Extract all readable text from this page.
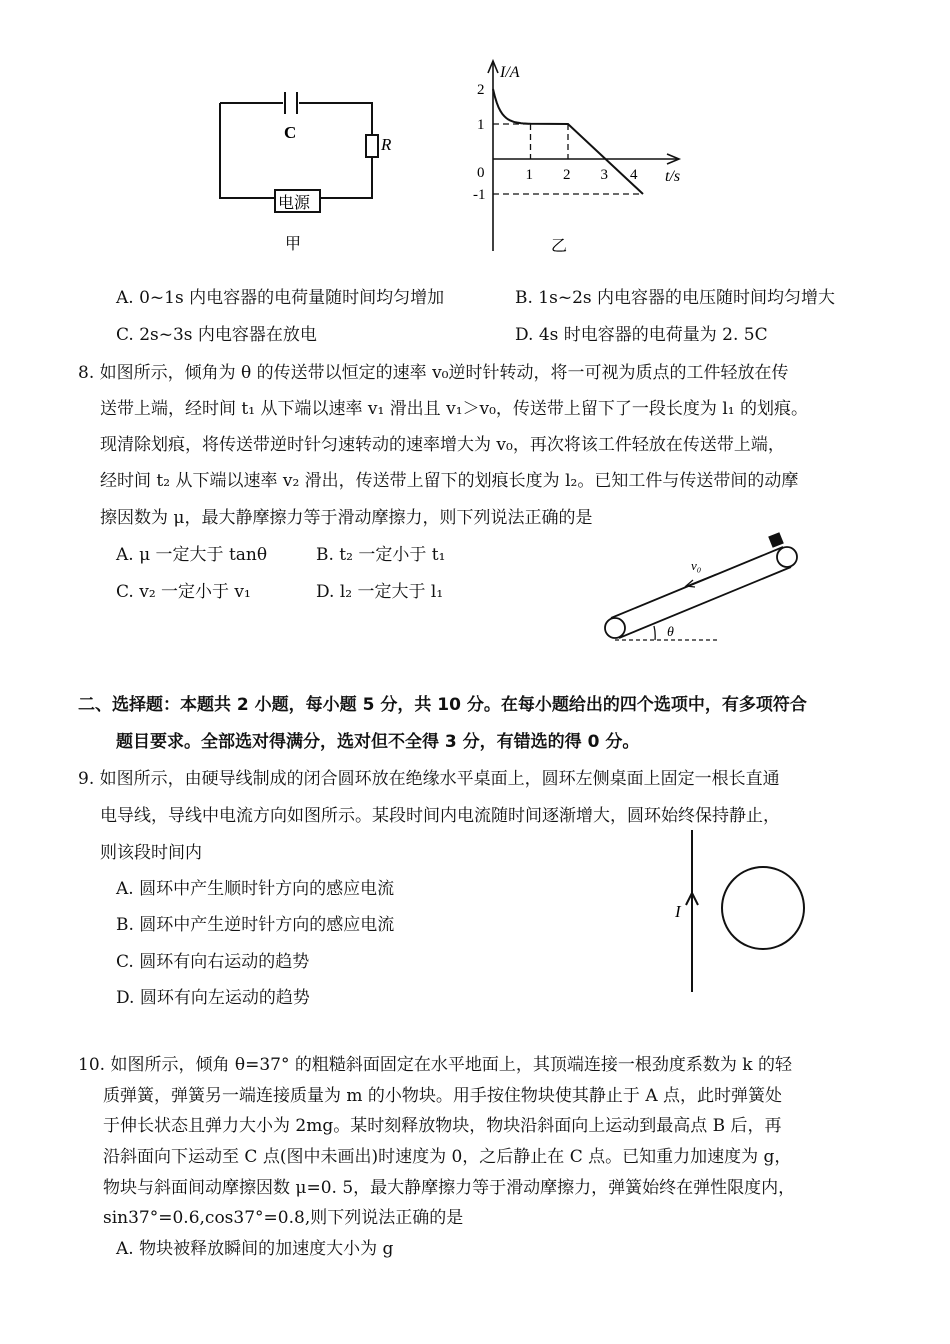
C
R
电源
甲
1 2 3 4
2
1
0
-1
I/A
t/s
乙
A. 0~1s 内电容器的电荷量随时间均匀增加	B. 1s~2s 内电容器的电压随时间均匀增大
C. 2s~3s 内电容器在放电	D. 4s 时电容器的电荷量为 2. 5C
8. 如图所示，倾角为 θ 的传送带以恒定的速率 v₀逆时针转动，将一可视为质点的工件轻放在传
送带上端，经时间 t₁ 从下端以速率 v₁ 滑出且 v₁＞v₀，传送带上留下了一段长度为 l₁ 的划痕。
现清除划痕，将传送带逆时针匀速转动的速率增大为 v₀，再次将该工件轻放在传送带上端，
经时间 t₂ 从下端以速率 v₂ 滑出，传送带上留下的划痕长度为 l₂。已知工件与传送带间的动摩
擦因数为 μ，最大静摩擦力等于滑动摩擦力，则下列说法正确的是
A. μ 一定大于 tanθ	B. t₂ 一定小于 t₁
C. v₂ 一定小于 v₁	D. l₂ 一定大于 l₁
v₀
θ
二、选择题：本题共 2 小题，每小题 5 分，共 10 分。在每小题给出的四个选项中，有多项符合
题目要求。全部选对得满分，选对但不全得 3 分，有错选的得 0 分。
9. 如图所示，由硬导线制成的闭合圆环放在绝缘水平桌面上，圆环左侧桌面上固定一根长直通
电导线，导线中电流方向如图所示。某段时间内电流随时间逐渐增大，圆环始终保持静止，
则该段时间内
A. 圆环中产生顺时针方向的感应电流
B. 圆环中产生逆时针方向的感应电流
C. 圆环有向右运动的趋势
D. 圆环有向左运动的趋势
I
10. 如图所示，倾角 θ=37° 的粗糙斜面固定在水平地面上，其顶端连接一根劲度系数为 k 的轻
质弹簧，弹簧另一端连接质量为 m 的小物块。用手按住物块使其静止于 A 点，此时弹簧处
于伸长状态且弹力大小为 2mg。某时刻释放物块，物块沿斜面向上运动到最高点 B 后，再
沿斜面向下运动至 C 点(图中未画出)时速度为 0，之后静止在 C 点。已知重力加速度为 g，
物块与斜面间动摩擦因数 μ=0. 5，最大静摩擦力等于滑动摩擦力，弹簧始终在弹性限度内，
sin37°=0.6,cos37°=0.8,则下列说法正确的是
A. 物块被释放瞬间的加速度大小为 g
